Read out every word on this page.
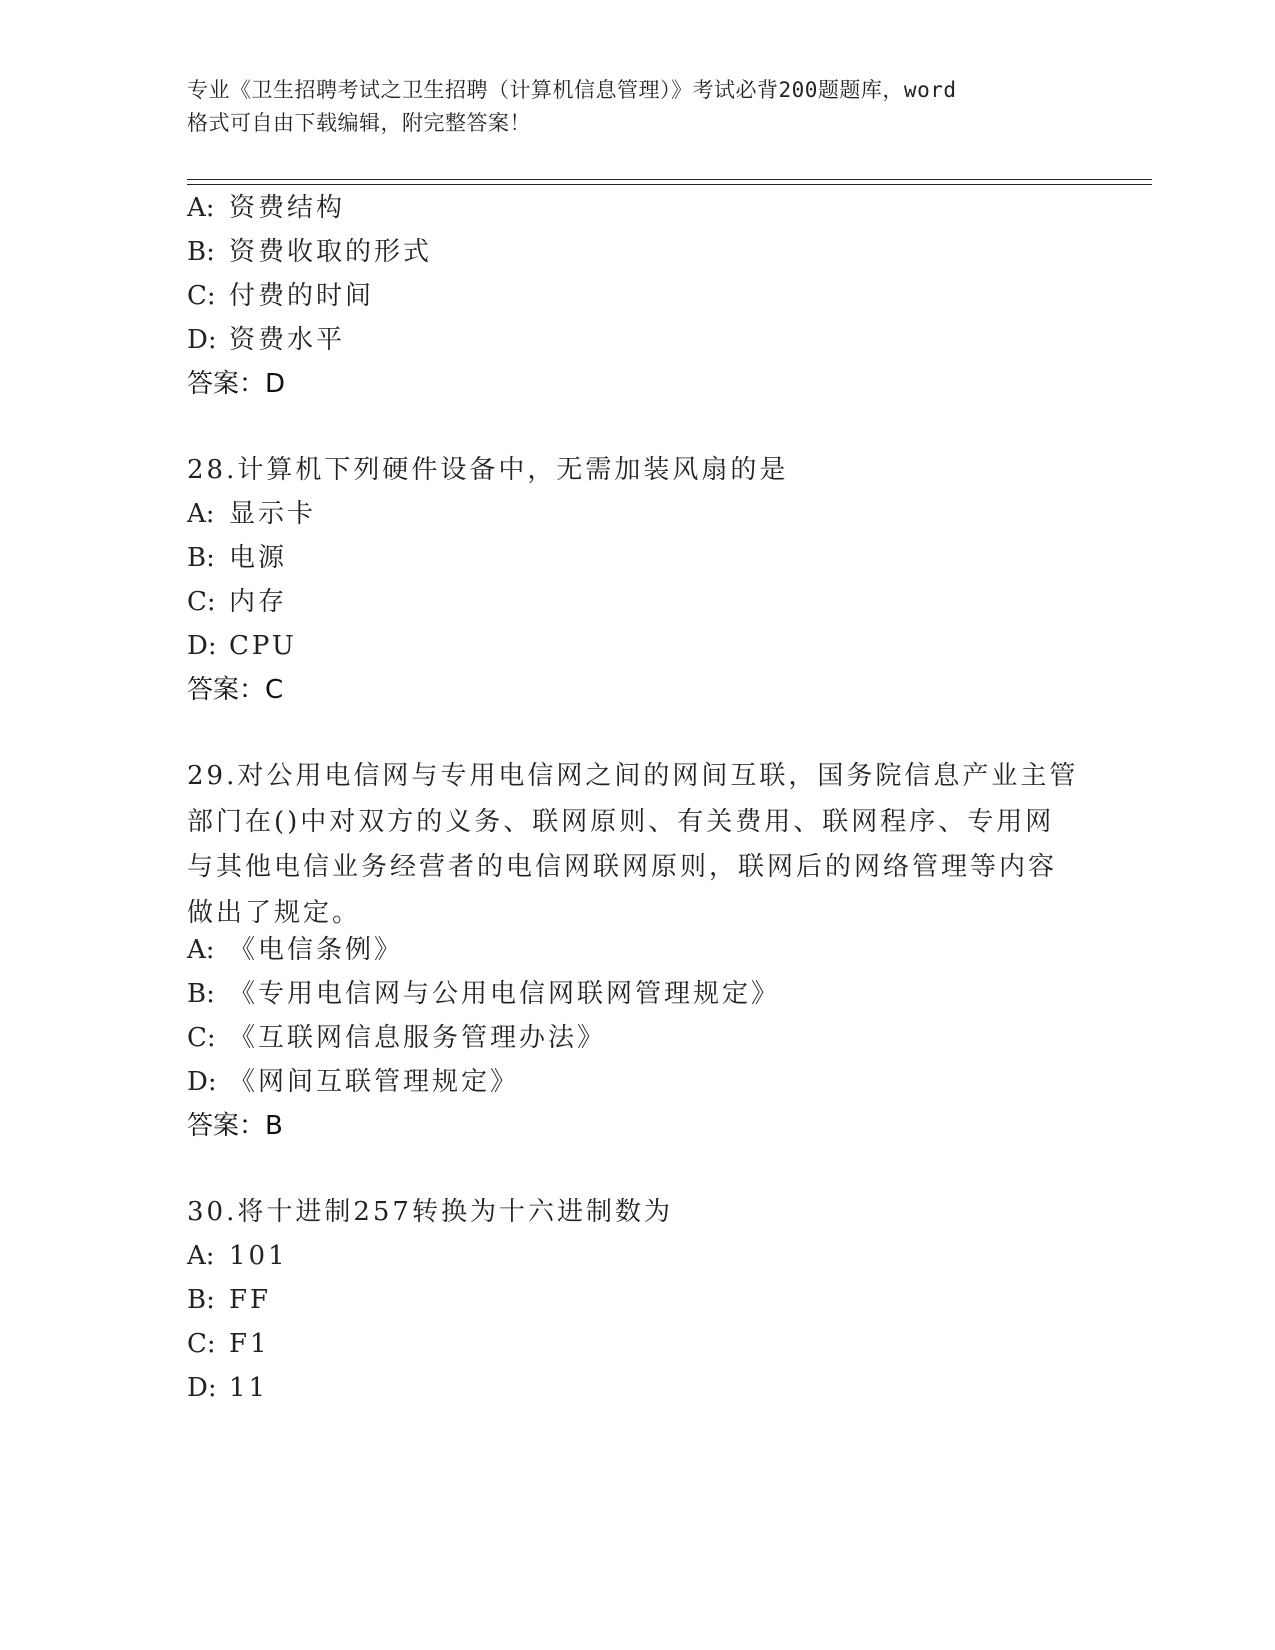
专业《卫生招聘考试之卫生招聘（计算机信息管理）》考试必背200题题库，word
格式可自由下载编辑，附完整答案！
A: 资费结构
B: 资费收取的形式
C: 付费的时间
D: 资费水平
答案：D
28.计算机下列硬件设备中，无需加装风扇的是
A: 显示卡
B: 电源
C: 内存
D: CPU
答案：C
29.对公用电信网与专用电信网之间的网间互联，国务院信息产业主管
部门在()中对双方的义务、联网原则、有关费用、联网程序、专用网
与其他电信业务经营者的电信网联网原则，联网后的网络管理等内容
做出了规定。
A: 《电信条例》
B: 《专用电信网与公用电信网联网管理规定》
C: 《互联网信息服务管理办法》
D: 《网间互联管理规定》
答案：B
30.将十进制257转换为十六进制数为
A: 101
B: FF
C: F1
D: 11
